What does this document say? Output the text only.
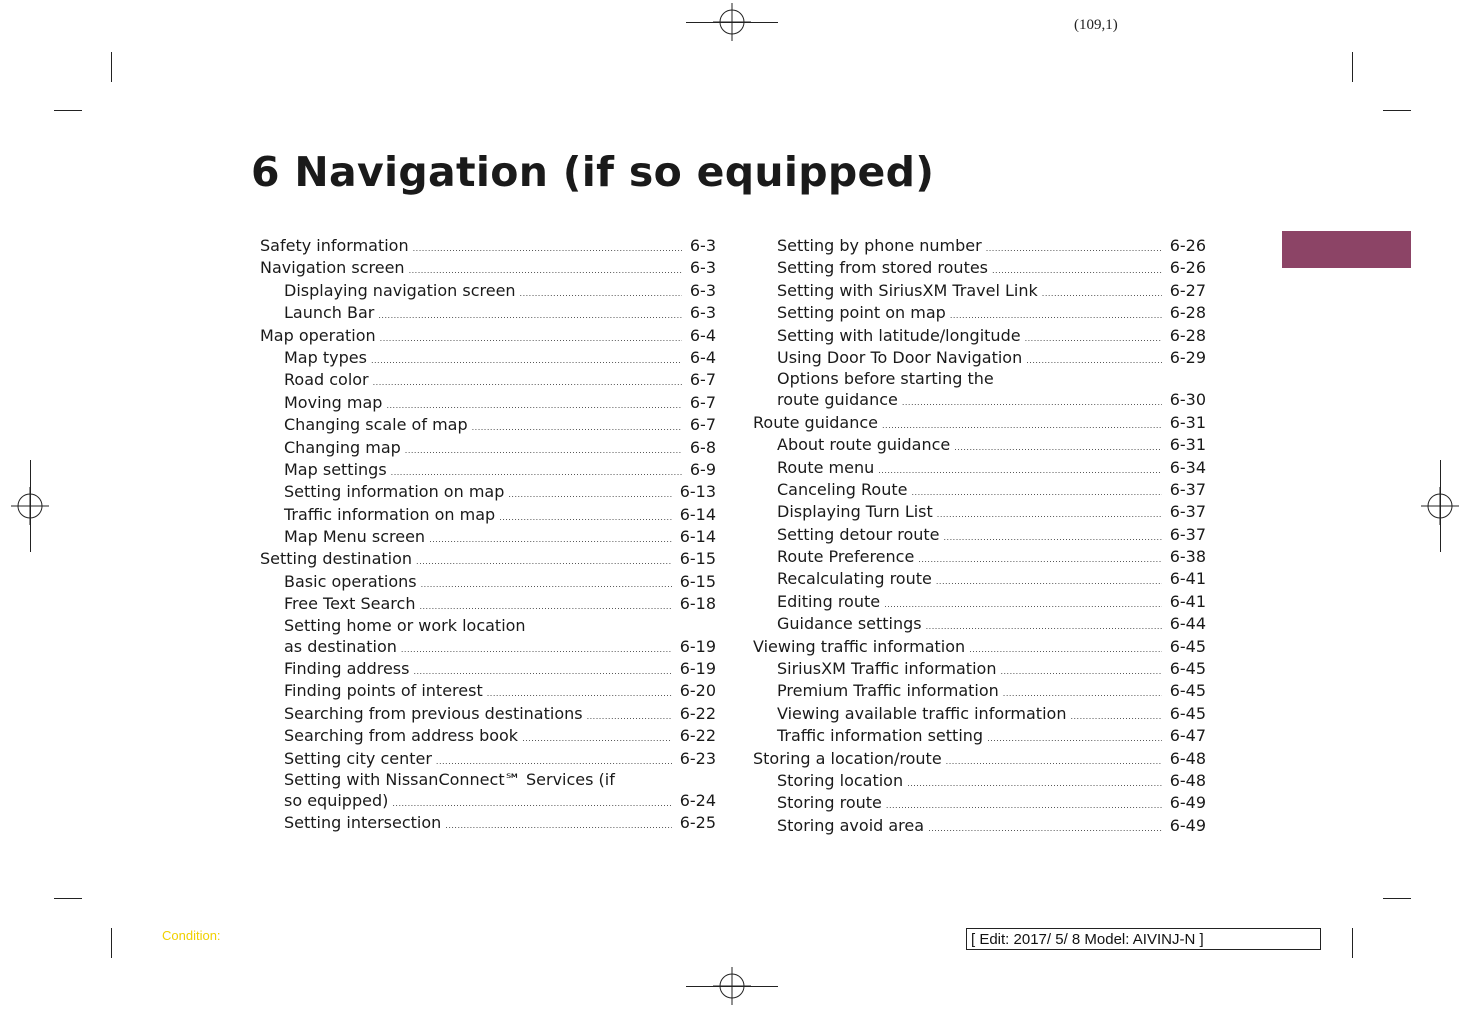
(109,1)
6 Navigation (if so equipped)
Safety information .....	6-3
Navigation screen .....	6-3
Displaying navigation screen .....	6-3
Launch Bar .....	6-3
Map operation .....	6-4
Map types .....	6-4
Road color .....	6-7
Moving map .....	6-7
Changing scale of map .....	6-7
Changing map .....	6-8
Map settings .....	6-9
Setting information on map .....	6-13
Traffic information on map .....	6-14
Map Menu screen .....	6-14
Setting destination .....	6-15
Basic operations .....	6-15
Free Text Search .....	6-18
Setting home or work location
as destination .....	6-19
Finding address .....	6-19
Finding points of interest .....	6-20
Searching from previous destinations .....	6-22
Searching from address book .....	6-22
Setting city center .....	6-23
Setting with NissanConnect℠ Services (if
so equipped) .....	6-24
Setting intersection .....	6-25
Setting by phone number .....	6-26
Setting from stored routes .....	6-26
Setting with SiriusXM Travel Link .....	6-27
Setting point on map .....	6-28
Setting with latitude/longitude .....	6-28
Using Door To Door Navigation .....	6-29
Options before starting the
route guidance .....	6-30
Route guidance .....	6-31
About route guidance .....	6-31
Route menu .....	6-34
Canceling Route .....	6-37
Displaying Turn List .....	6-37
Setting detour route .....	6-37
Route Preference .....	6-38
Recalculating route .....	6-41
Editing route .....	6-41
Guidance settings .....	6-44
Viewing traffic information .....	6-45
SiriusXM Traffic information .....	6-45
Premium Traffic information .....	6-45
Viewing available traffic information .....	6-45
Traffic information setting .....	6-47
Storing a location/route .....	6-48
Storing location .....	6-48
Storing route .....	6-49
Storing avoid area .....	6-49
Condition:	[ Edit: 2017/ 5/ 8 Model: AIVINJ-N ]
